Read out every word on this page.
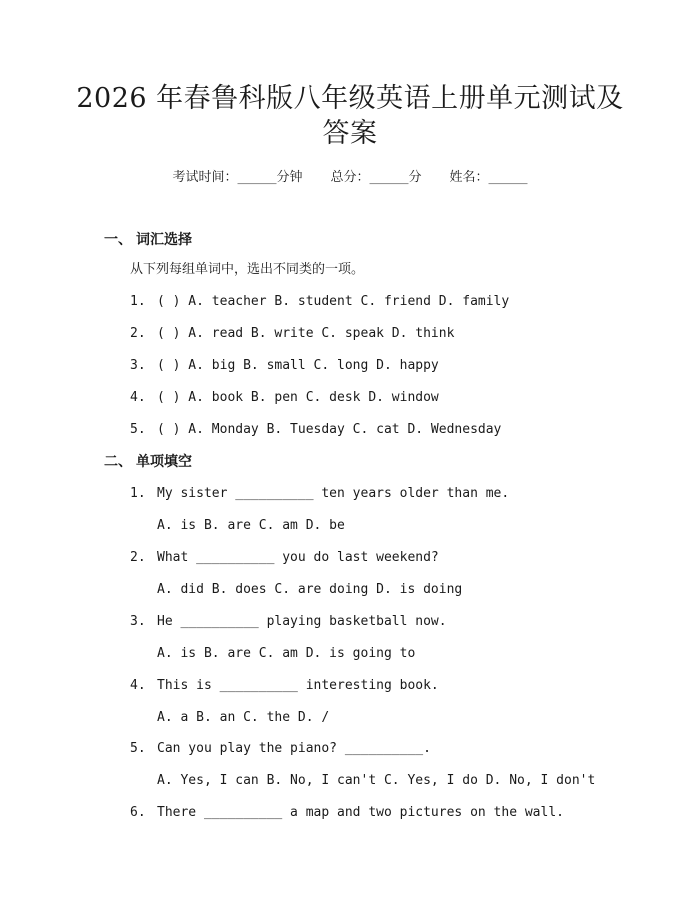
2026 年春鲁科版八年级英语上册单元测试及
答案
考试时间：______分钟 总分：______分 姓名：______
一、 词汇选择
从下列每组单词中，选出不同类的一项。
1. ( ) A. teacher B. student C. friend D. family
2. ( ) A. read B. write C. speak D. think
3. ( ) A. big B. small C. long D. happy
4. ( ) A. book B. pen C. desk D. window
5. ( ) A. Monday B. Tuesday C. cat D. Wednesday
二、 单项填空
1. My sister __________ ten years older than me.
A. is B. are C. am D. be
2. What __________ you do last weekend?
A. did B. does C. are doing D. is doing
3. He __________ playing basketball now.
A. is B. are C. am D. is going to
4. This is __________ interesting book.
A. a B. an C. the D. /
5. Can you play the piano? __________.
A. Yes, I can B. No, I can't C. Yes, I do D. No, I don't
6. There __________ a map and two pictures on the wall.
